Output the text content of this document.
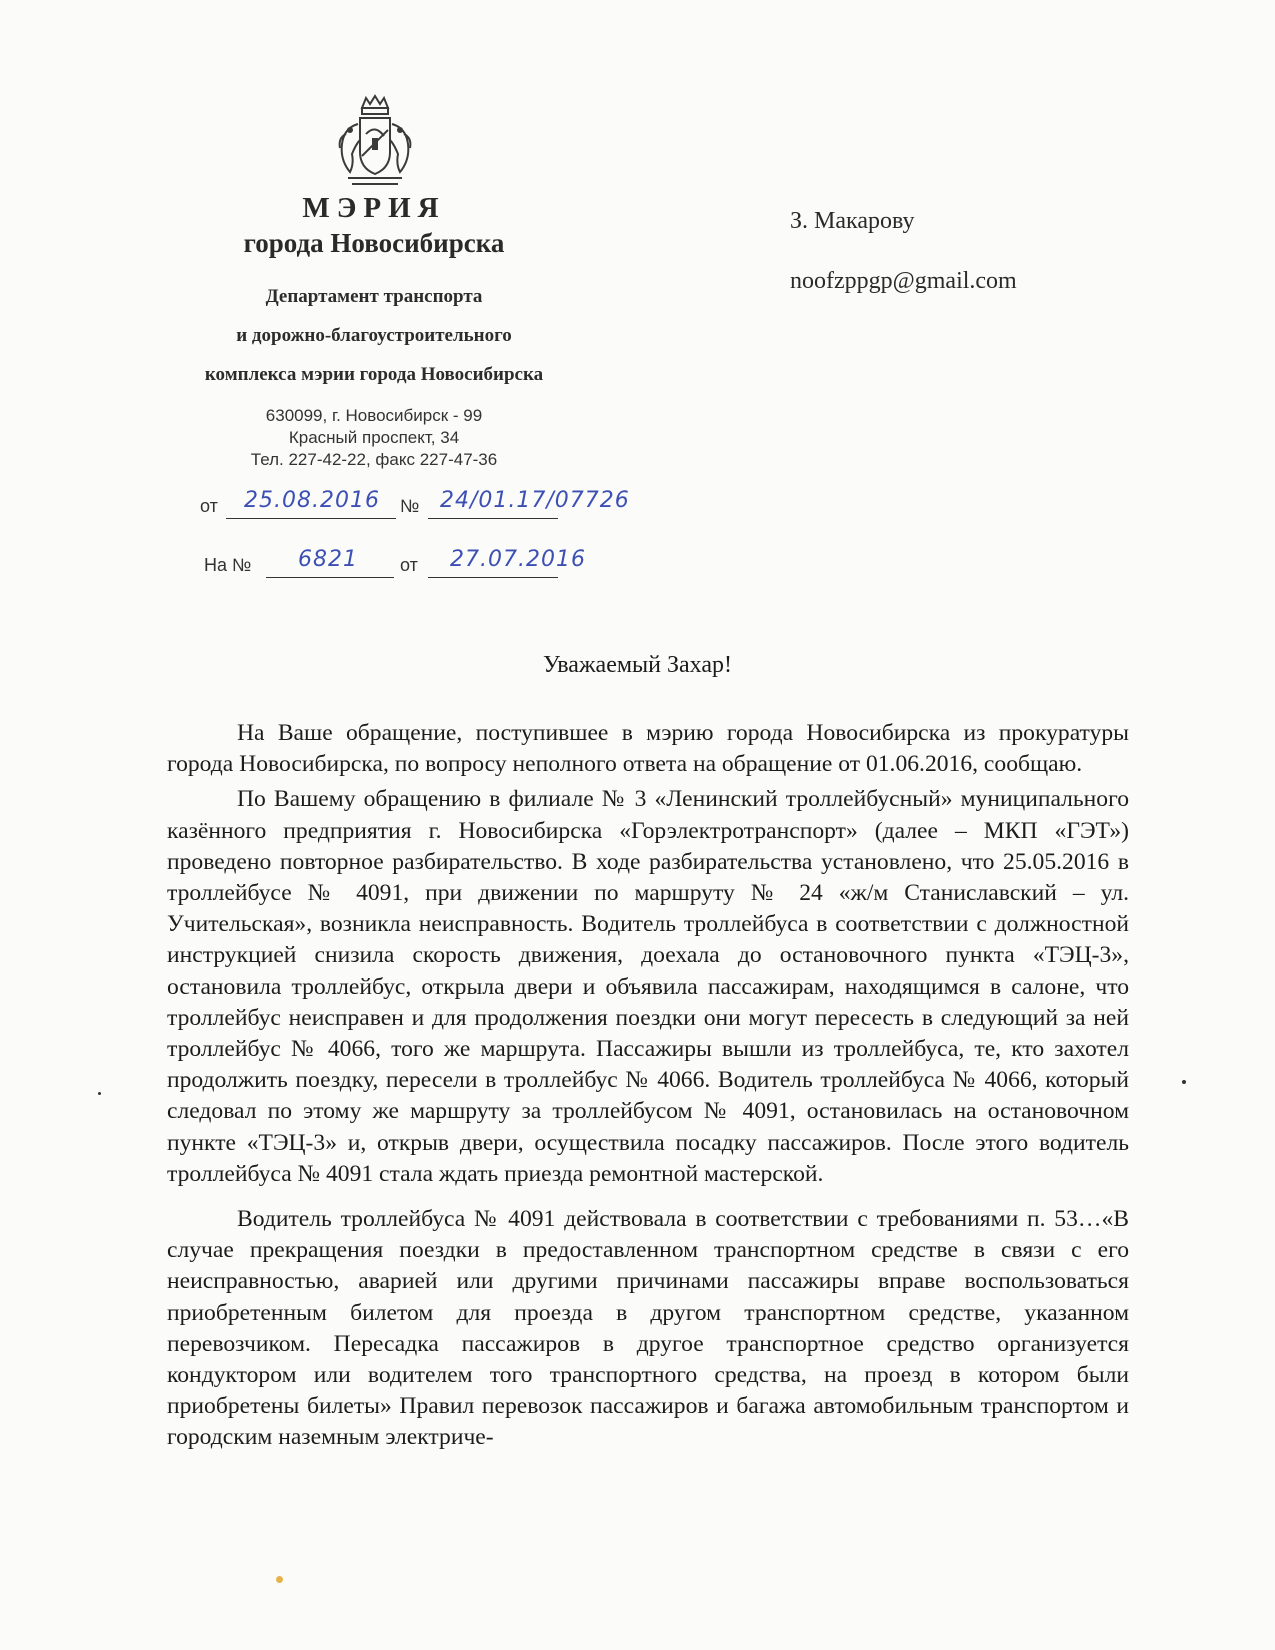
МЭРИЯ
города Новосибирска
Департамент транспорта
и дорожно-благоустроительного
комплекса мэрии города Новосибирска
630099, г. Новосибирск - 99
Красный проспект, 34
Тел. 227-42-22, факс 227-47-36
от 25.08.2016 № 24/01.17/07726
На № 6821 от 27.07.2016
З. Макарову
noofzppgp@gmail.com
Уважаемый Захар!

На Ваше обращение, поступившее в мэрию города Новосибирска из прокуратуры города Новосибирска, по вопросу неполного ответа на обращение от 01.06.2016, сообщаю.

По Вашему обращению в филиале № 3 «Ленинский троллейбусный» муниципального казённого предприятия г. Новосибирска «Горэлектротранспорт» (далее – МКП «ГЭТ») проведено повторное разбирательство. В ходе разбирательства установлено, что 25.05.2016 в троллейбусе № 4091, при движении по маршруту № 24 «ж/м Станиславский – ул. Учительская», возникла неисправность. Водитель троллейбуса в соответствии с должностной инструкцией снизила скорость движения, доехала до остановочного пункта «ТЭЦ-3», остановила троллейбус, открыла двери и объявила пассажирам, находящимся в салоне, что троллейбус неисправен и для продолжения поездки они могут пересесть в следующий за ней троллейбус № 4066, того же маршрута. Пассажиры вышли из троллейбуса, те, кто захотел продолжить поездку, пересели в троллейбус № 4066. Водитель троллейбуса № 4066, который следовал по этому же маршруту за троллейбусом № 4091, остановилась на остановочном пункте «ТЭЦ-3» и, открыв двери, осуществила посадку пассажиров. После этого водитель троллейбуса № 4091 стала ждать приезда ремонтной мастерской.

Водитель троллейбуса № 4091 действовала в соответствии с требованиями п. 53…«В случае прекращения поездки в предоставленном транспортном средстве в связи с его неисправностью, аварией или другими причинами пассажиры вправе воспользоваться приобретенным билетом для проезда в другом транспортном средстве, указанном перевозчиком. Пересадка пассажиров в другое транспортное средство организуется кондуктором или водителем того транспортного средства, на проезд в котором были приобретены билеты» Правил перевозок пассажиров и багажа автомобильным транспортом и городским наземным электриче-
